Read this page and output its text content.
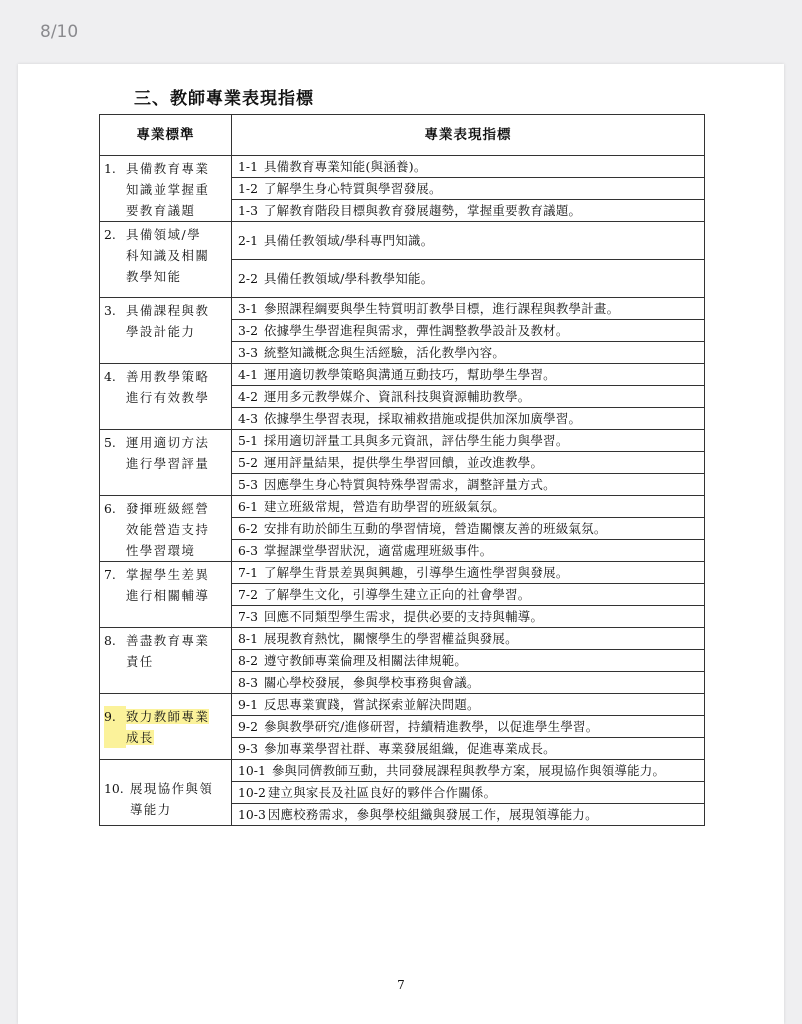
8/10
三、教師專業表現指標
專業標準	專業表現指標

1. 具備教育專業
知識並掌握重
要教育議題	1-1 具備教育專業知能(與涵養)。

	1-2 了解學生身心特質與學習發展。

	1-3 了解教育階段目標與教育發展趨勢，掌握重要教育議題。

2. 具備領域/學
科知識及相關
教學知能	2-1 具備任教領域/學科專門知識。

	2-2 具備任教領域/學科教學知能。

3. 具備課程與教
學設計能力	3-1 參照課程綱要與學生特質明訂教學目標，進行課程與教學計畫。

	3-2 依據學生學習進程與需求，彈性調整教學設計及教材。

	3-3 統整知識概念與生活經驗，活化教學內容。

4. 善用教學策略
進行有效教學	4-1 運用適切教學策略與溝通互動技巧，幫助學生學習。

	4-2 運用多元教學媒介、資訊科技與資源輔助教學。

	4-3 依據學生學習表現，採取補救措施或提供加深加廣學習。

5. 運用適切方法
進行學習評量	5-1 採用適切評量工具與多元資訊，評估學生能力與學習。

	5-2 運用評量結果，提供學生學習回饋，並改進教學。

	5-3 因應學生身心特質與特殊學習需求，調整評量方式。

6. 發揮班級經營
效能營造支持
性學習環境	6-1 建立班級常規，營造有助學習的班級氣氛。

	6-2 安排有助於師生互動的學習情境，營造關懷友善的班級氣氛。

	6-3 掌握課堂學習狀況，適當處理班級事件。

7. 掌握學生差異
進行相關輔導	7-1 了解學生背景差異與興趣，引導學生適性學習與發展。

	7-2 了解學生文化，引導學生建立正向的社會學習。

	7-3 回應不同類型學生需求，提供必要的支持與輔導。

8. 善盡教育專業
責任	8-1 展現教育熱忱，關懷學生的學習權益與發展。

	8-2 遵守教師專業倫理及相關法律規範。

	8-3 關心學校發展，參與學校事務與會議。

9. 致力教師專業
成長	9-1 反思專業實踐，嘗試探索並解決問題。

	9-2 參與教學研究/進修研習，持續精進教學，以促進學生學習。

	9-3 參加專業學習社群、專業發展組織，促進專業成長。

10. 展現協作與領
導能力	10-1 參與同儕教師互動，共同發展課程與教學方案，展現協作與領導能力。

	10-2 建立與家長及社區良好的夥伴合作關係。

	10-3 因應校務需求，參與學校組織與發展工作，展現領導能力。
7
